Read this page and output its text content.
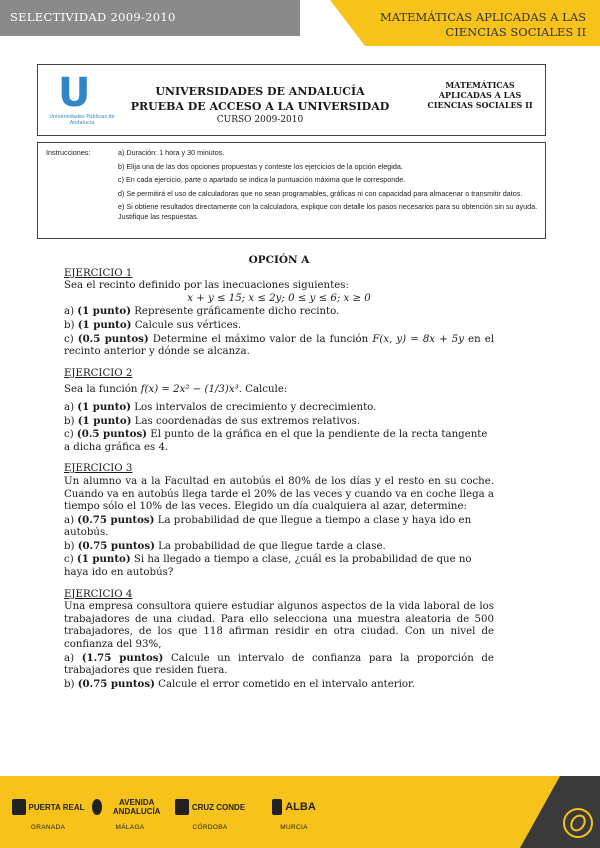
SELECTIVIDAD 2009-2010	MATEMÁTICAS APLICADAS A LAS CIENCIAS SOCIALES II
U
Universidades Públicas de Andalucía
UNIVERSIDADES DE ANDALUCÍA
PRUEBA DE ACCESO A LA UNIVERSIDAD
CURSO 2009-2010
MATEMÁTICAS APLICADAS A LAS CIENCIAS SOCIALES II
Instrucciones:	a) Duración: 1 hora y 30 minutos.
b) Elija una de las dos opciones propuestas y conteste los ejercicios de la opción elegida.
c) En cada ejercicio, parte o apartado se indica la puntuación máxima que le corresponde.
d) Se permitirá el uso de calculadoras que no sean programables, gráficas ni con capacidad para almacenar o transmitir datos.
e) Si obtiene resultados directamente con la calculadora, explique con detalle los pasos necesarios para su obtención sin su ayuda. Justifique las respuestas.
OPCIÓN A
EJERCICIO 1
Sea el recinto definido por las inecuaciones siguientes:
x + y ≤ 15; x ≤ 2y; 0 ≤ y ≤ 6; x ≥ 0
a) (1 punto) Represente gráficamente dicho recinto.
b) (1 punto) Calcule sus vértices.
c) (0.5 puntos) Determine el máximo valor de la función F(x, y) = 8x + 5y en el recinto anterior y dónde se alcanza.
EJERCICIO 2
Sea la función f(x) = 2x² − (1/3)x³. Calcule:
a) (1 punto) Los intervalos de crecimiento y decrecimiento.
b) (1 punto) Las coordenadas de sus extremos relativos.
c) (0.5 puntos) El punto de la gráfica en el que la pendiente de la recta tangente a dicha gráfica es 4.
EJERCICIO 3
Un alumno va a la Facultad en autobús el 80% de los días y el resto en su coche. Cuando va en autobús llega tarde el 20% de las veces y cuando va en coche llega a tiempo sólo el 10% de las veces. Elegido un día cualquiera al azar, determine:
a) (0.75 puntos) La probabilidad de que llegue a tiempo a clase y haya ido en autobús.
b) (0.75 puntos) La probabilidad de que llegue tarde a clase.
c) (1 punto) Si ha llegado a tiempo a clase, ¿cuál es la probabilidad de que no haya ido en autobús?
EJERCICIO 4
Una empresa consultora quiere estudiar algunos aspectos de la vida laboral de los trabajadores de una ciudad. Para ello selecciona una muestra aleatoria de 500 trabajadores, de los que 118 afirman residir en otra ciudad. Con un nivel de confianza del 93%,
a) (1.75 puntos) Calcule un intervalo de confianza para la proporción de trabajadores que residen fuera.
b) (0.75 puntos) Calcule el error cometido en el intervalo anterior.
PUERTA REAL
GRANADA
AVENIDA ANDALUCÍA
MÁLAGA
CRUZ CONDE
CÓRDOBA
ALBA
MURCIA
